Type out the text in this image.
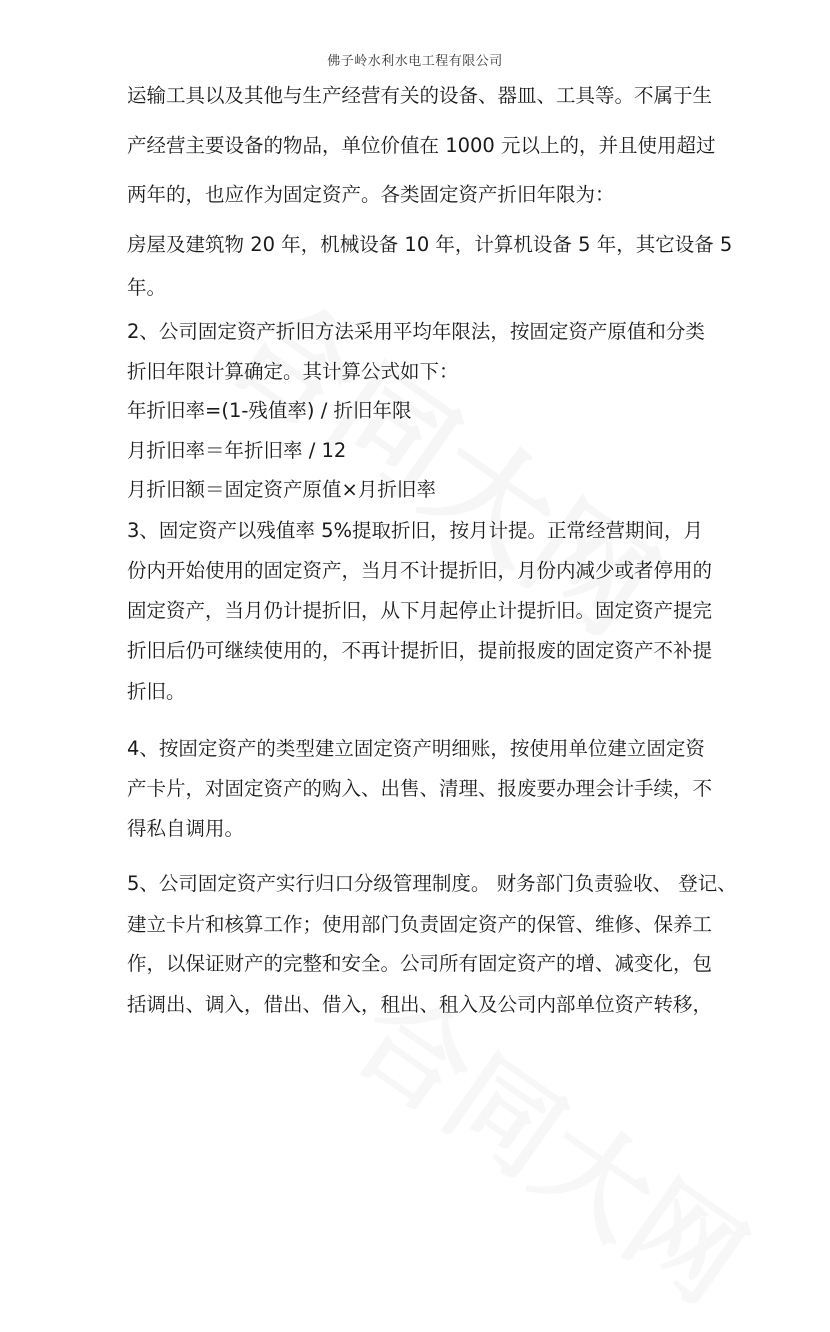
佛子岭水利水电工程有限公司
运输工具以及其他与生产经营有关的设备、器皿、工具等。不属于生
产经营主要设备的物品，单位价值在 1000 元以上的，并且使用超过
两年的，也应作为固定资产。各类固定资产折旧年限为：
房屋及建筑物 20 年，机械设备 10 年，计算机设备 5 年，其它设备 5
年。
2、公司固定资产折旧方法采用平均年限法，按固定资产原值和分类
折旧年限计算确定。其计算公式如下：
年折旧率=(1-残值率) / 折旧年限
月折旧率＝年折旧率 / 12
月折旧额＝固定资产原值×月折旧率
3、固定资产以残值率 5%提取折旧，按月计提。正常经营期间，月
份内开始使用的固定资产，当月不计提折旧，月份内减少或者停用的
固定资产，当月仍计提折旧，从下月起停止计提折旧。固定资产提完
折旧后仍可继续使用的，不再计提折旧，提前报废的固定资产不补提
折旧。
4、按固定资产的类型建立固定资产明细账，按使用单位建立固定资
产卡片，对固定资产的购入、出售、清理、报废要办理会计手续，不
得私自调用。
5、公司固定资产实行归口分级管理制度。 财务部门负责验收、 登记、
建立卡片和核算工作；使用部门负责固定资产的保管、维修、保养工
作，以保证财产的完整和安全。公司所有固定资产的增、减变化，包
括调出、调入，借出、借入，租出、租入及公司内部单位资产转移，
